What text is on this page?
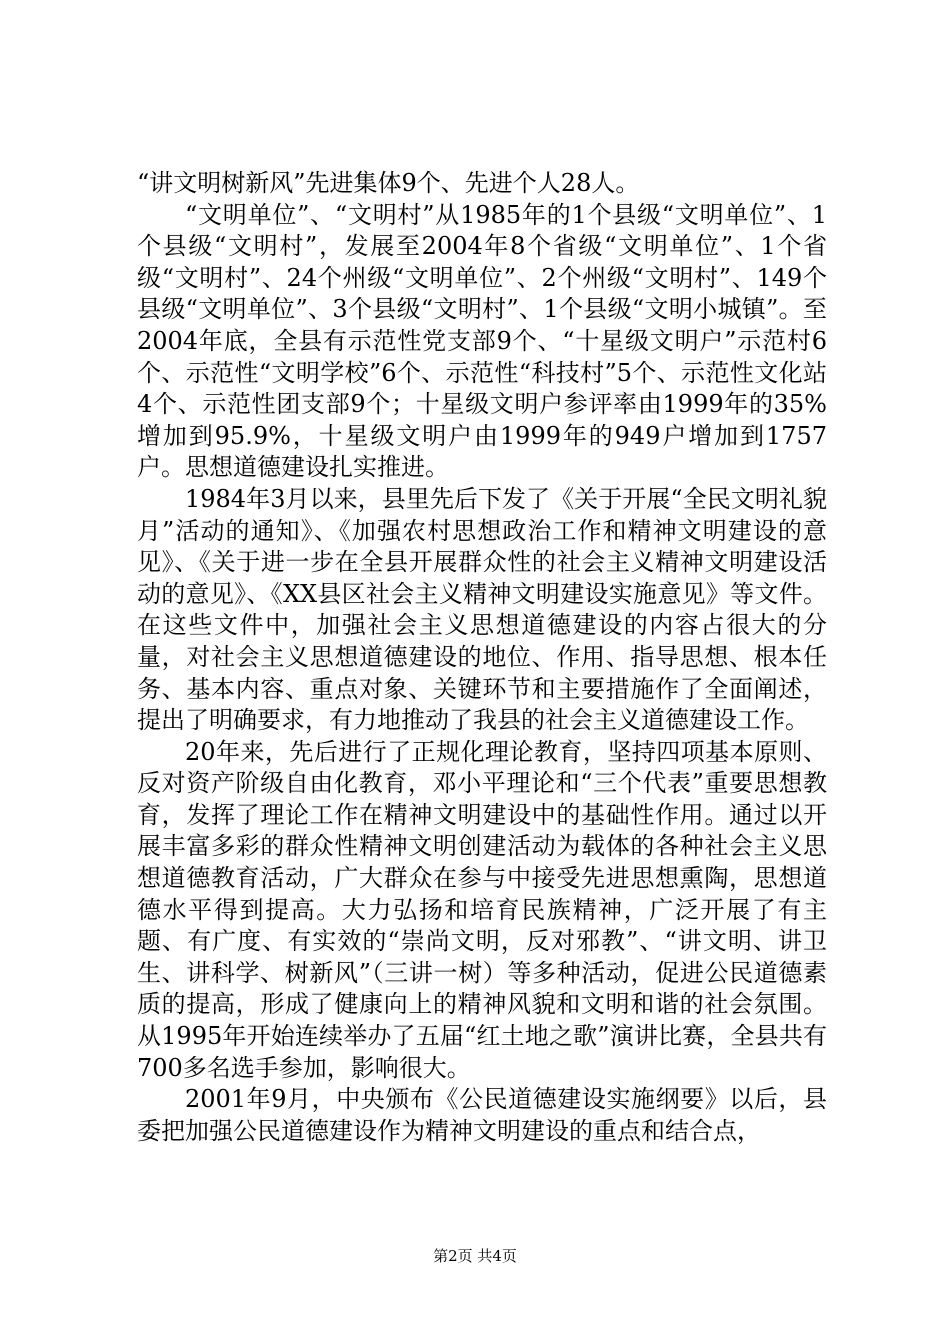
“讲文明树新风”先进集体9个、先进个人28人。

“文明单位”、“文明村”从1985年的1个县级“文明单位”、1个县级“文明村”，发展至2004年8个省级“文明单位”、1个省级“文明村”、24个州级“文明单位”、2个州级“文明村”、149个县级“文明单位”、3个县级“文明村”、1个县级“文明小城镇”。至2004年底，全县有示范性党支部9个、“十星级文明户”示范村6个、示范性“文明学校”6个、示范性“科技村”5个、示范性文化站4个、示范性团支部9个；十星级文明户参评率由1999年的35%增加到95.9%，十星级文明户由1999年的949户增加到1757户。思想道德建设扎实推进。

1984年3月以来，县里先后下发了《关于开展“全民文明礼貌月”活动的通知》、《加强农村思想政治工作和精神文明建设的意见》、《关于进一步在全县开展群众性的社会主义精神文明建设活动的意见》、《XX县区社会主义精神文明建设实施意见》等文件。在这些文件中，加强社会主义思想道德建设的内容占很大的分量，对社会主义思想道德建设的地位、作用、指导思想、根本任务、基本内容、重点对象、关键环节和主要措施作了全面阐述，提出了明确要求，有力地推动了我县的社会主义道德建设工作。

20年来，先后进行了正规化理论教育，坚持四项基本原则、反对资产阶级自由化教育，邓小平理论和“三个代表”重要思想教育，发挥了理论工作在精神文明建设中的基础性作用。通过以开展丰富多彩的群众性精神文明创建活动为载体的各种社会主义思想道德教育活动，广大群众在参与中接受先进思想熏陶，思想道德水平得到提高。大力弘扬和培育民族精神，广泛开展了有主题、有广度、有实效的“崇尚文明，反对邪教”、“讲文明、讲卫生、讲科学、树新风”（三讲一树）等多种活动，促进公民道德素质的提高，形成了健康向上的精神风貌和文明和谐的社会氛围。从1995年开始连续举办了五届“红土地之歌”演讲比赛，全县共有700多名选手参加，影响很大。

2001年9月，中央颁布《公民道德建设实施纲要》以后，县委把加强公民道德建设作为精神文明建设的重点和结合点，

第2页 共4页
